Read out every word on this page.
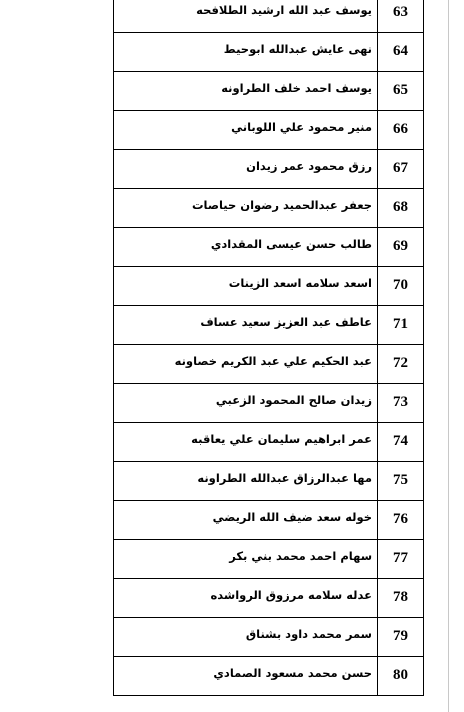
63	يوسف عبد الله ارشيد الطلافحه
64	نهى عايش عبدالله ابوحيط
65	يوسف احمد خلف الطراونه
66	منير محمود علي اللوباني
67	رزق محمود عمر زيدان
68	جعفر عبدالحميد رضوان حياصات
69	طالب حسن عيسى المقدادي
70	اسعد سلامه اسعد الزينات
71	عاطف عبد العزيز سعيد عساف
72	عبد الحكيم علي عبد الكريم خصاونه
73	زيدان صالح المحمود الزعبي
74	عمر ابراهيم سليمان علي يعاقبه
75	مها عبدالرزاق عبدالله الطراونه
76	خوله سعد ضيف الله الريضي
77	سهام احمد محمد بني بكر
78	عدله سلامه مرزوق الرواشده
79	سمر محمد داود بشناق
80	حسن محمد مسعود الصمادي
